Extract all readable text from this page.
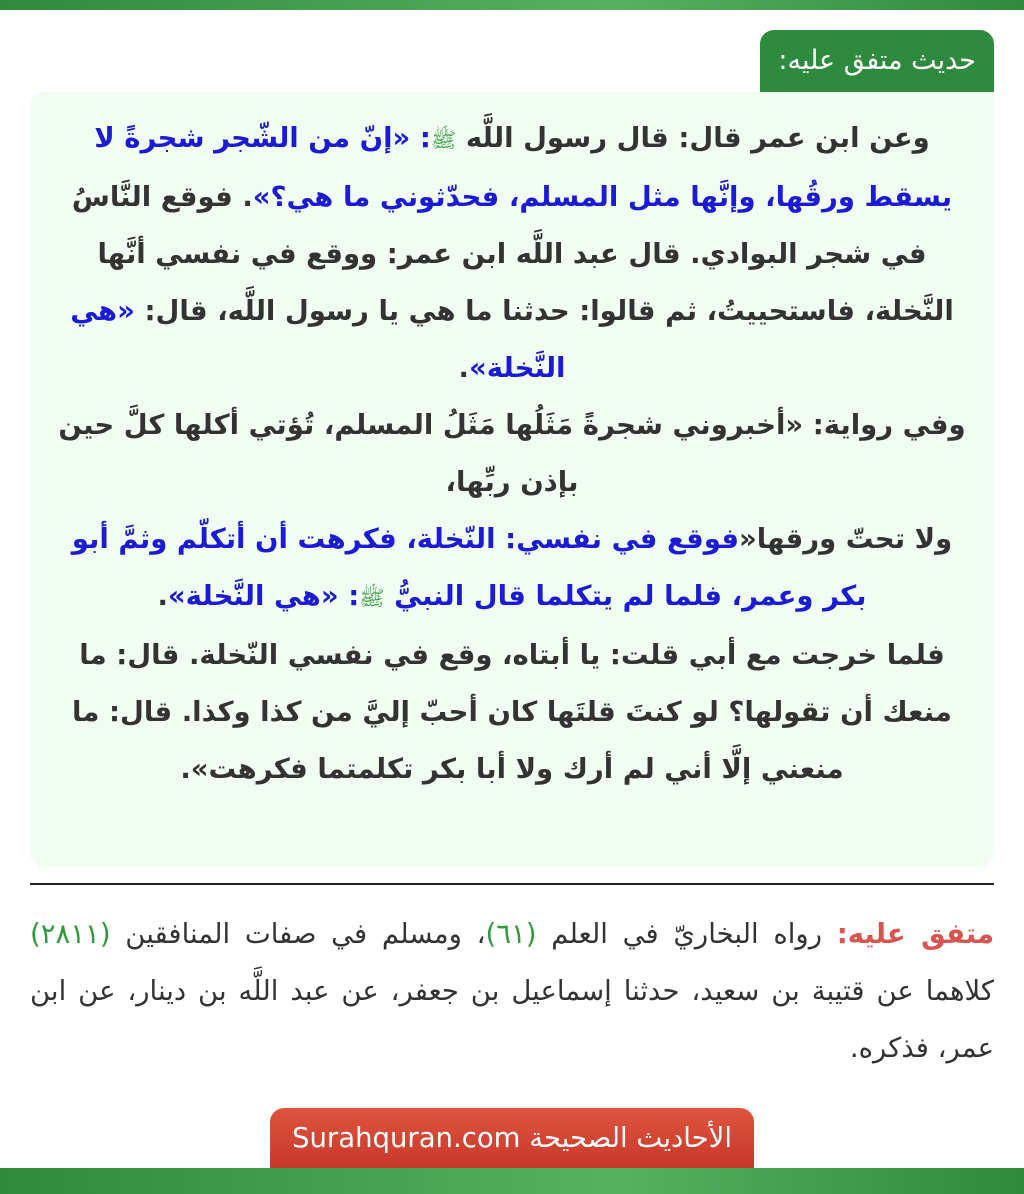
حديث متفق عليه:

وعن ابن عمر قال: قال رسول اللَّه ﷺ: «إنّ من الشّجر شجرةً لا يسقط ورقُها، وإنَّها مثل المسلم، فحدّثوني ما هي؟». فوقع النَّاسُ في شجر البوادي. قال عبد اللَّه ابن عمر: ووقع في نفسي أنَّها النَّخلة، فاستحييتُ، ثم قالوا: حدثنا ما هي يا رسول اللَّه، قال: «هي النَّخلة».

وفي رواية: «أخبروني شجرةً مَثَلُها مَثَلُ المسلم، تُؤتي أكلها كلَّ حين بإذن ربِّها،

ولا تحتّ ورقها«فوقع في نفسي: النّخلة، فكرهت أن أتكلّم وثمَّ أبو بكر وعمر، فلما لم يتكلما قال النبيُّ ﷺ: «هي النَّخلة».

فلما خرجت مع أبي قلت: يا أبتاه، وقع في نفسي النّخلة. قال: ما منعك أن تقولها؟ لو كنتَ قلتَها كان أحبّ إليَّ من كذا وكذا. قال: ما منعني إلَّا أني لم أرك ولا أبا بكر تكلمتما فكرهت».

متفق عليه: رواه البخاريّ في العلم (٦١)، ومسلم في صفات المنافقين (٢٨١١) كلاهما عن قتيبة بن سعيد، حدثنا إسماعيل بن جعفر، عن عبد اللَّه بن دينار، عن ابن عمر، فذكره.
الأحاديث الصحيحة Surahquran.com
